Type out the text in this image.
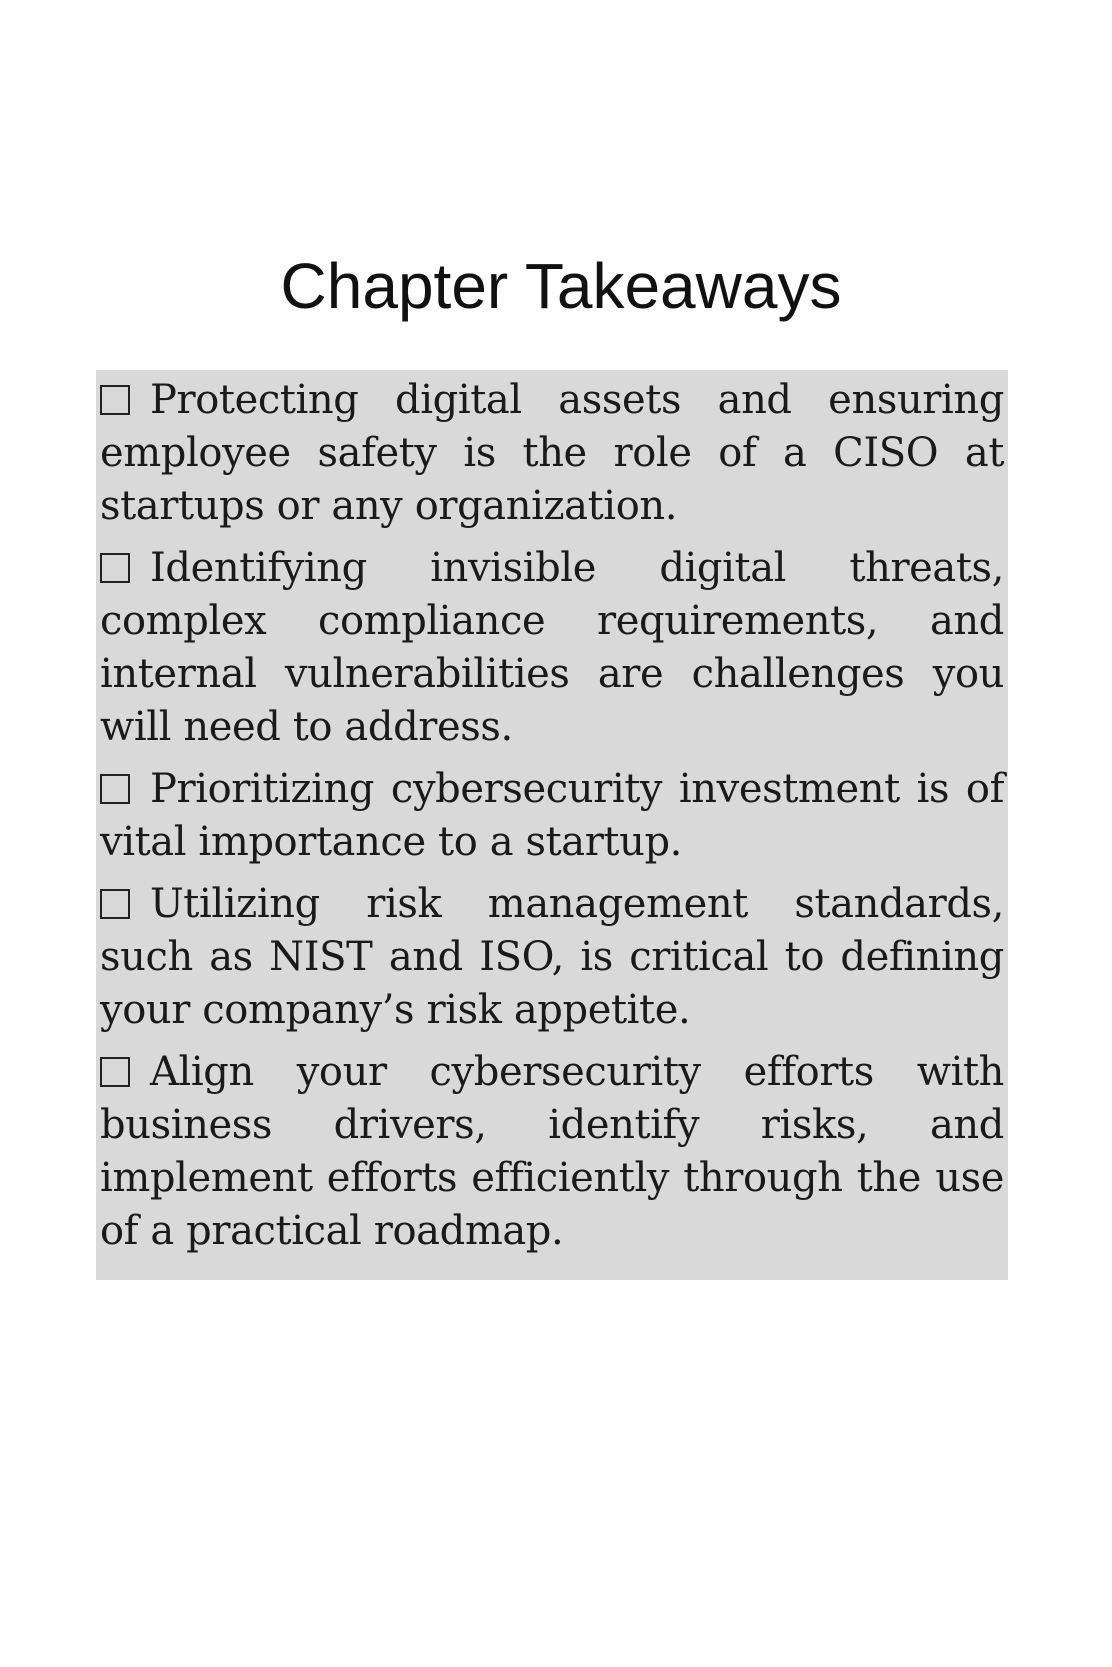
Chapter Takeaways

Protecting digital assets and ensuring employee safety is the role of a CISO at startups or any organization.

Identifying invisible digital threats, complex compliance requirements, and internal vulnerabilities are challenges you will need to address.

Prioritizing cybersecurity investment is of vital importance to a startup.

Utilizing risk management standards, such as NIST and ISO, is critical to defining your company’s risk appetite.

Align your cybersecurity efforts with business drivers, identify risks, and implement efforts efficiently through the use of a practical roadmap.
